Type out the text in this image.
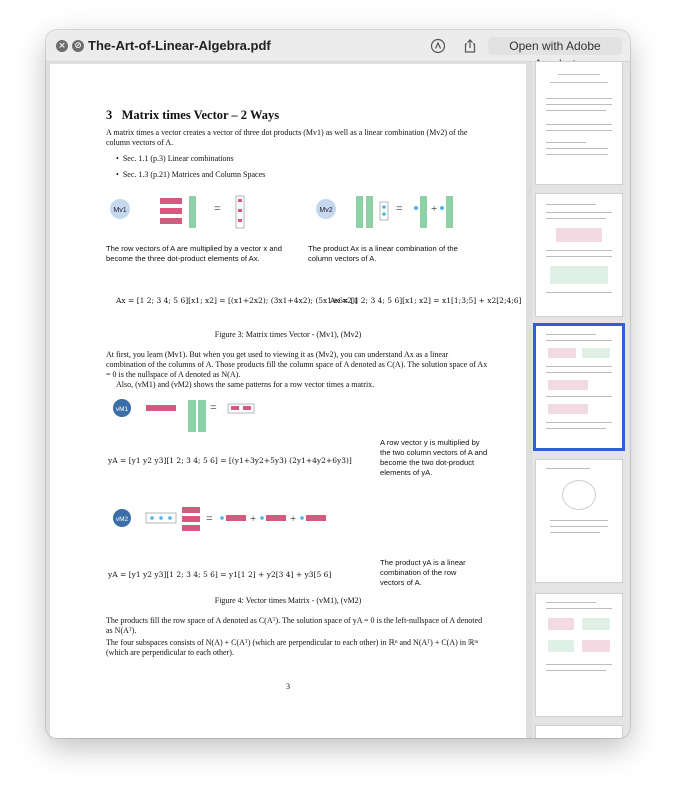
× ⊘ The-Art-of-Linear-Algebra.pdf	Open with Adobe
3 Matrix times Vector – 2 Ways
A matrix times a vector creates a vector of three dot products (Mv1) as well as a linear combination (Mv2) of the column vectors of A.
•  Sec. 1.1 (p.3) Linear combinations
•  Sec. 1.3 (p.21) Matrices and Column Spaces
Mv1	=	Mv2	=	+
The row vectors of A are multiplied by a vector x and become the three dot-product elements of Ax.
The product Ax is a linear combination of the column vectors of A.
Ax = [1 2; 3 4; 5 6][x1; x2] = [(x1+2x2); (3x1+4x2); (5x1+6x2)]
Ax = [1 2; 3 4; 5 6][x1; x2] = x1[1;3;5] + x2[2;4;6]
Figure 3: Matrix times Vector - (Mv1), (Mv2)
At first, you learn (Mv1). But when you get used to viewing it as (Mv2), you can understand Ax as a linear combination of the columns of A. Those products fill the column space of A denoted as C(A). The solution space of Ax = 0 is the nullspace of A denoted as N(A).
Also, (vM1) and (vM2) shows the same patterns for a row vector times a matrix.
vM1	=
yA = [y1 y2 y3][1 2; 3 4; 5 6] = [(y1+3y2+5y3) (2y1+4y2+6y3)]
A row vector y is multiplied by the two column vectors of A and become the two dot-product elements of yA.
vM2	=	+	+
yA = [y1 y2 y3][1 2; 3 4; 5 6] = y1[1 2] + y2[3 4] + y3[5 6]
The product yA is a linear combination of the row vectors of A.
Figure 4: Vector times Matrix - (vM1), (vM2)
The products fill the row space of A denoted as C(Aᵀ). The solution space of yA = 0 is the left-nullspace of A denoted as N(Aᵀ).
The four subspaces consists of N(A) + C(Aᵀ) (which are perpendicular to each other) in ℝⁿ and N(Aᵀ) + C(A) in ℝᵐ (which are perpendicular to each other).
3
